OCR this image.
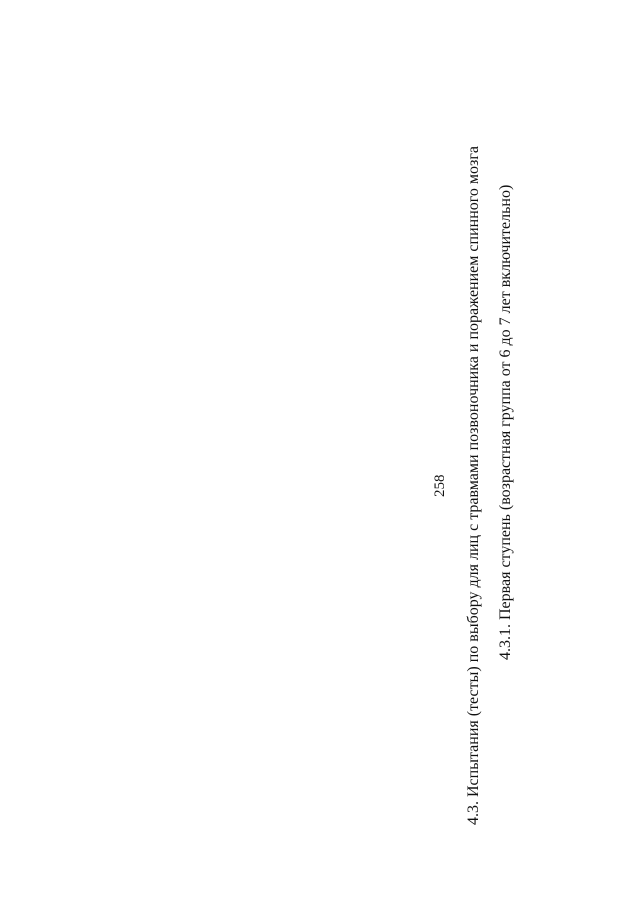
258 4.3. Испытания (тесты) по выбору для лиц с травмами позвоночника и поражением спинного мозга 4.3.1. Первая ступень (возрастная группа от 6 до 7 лет включительно)
